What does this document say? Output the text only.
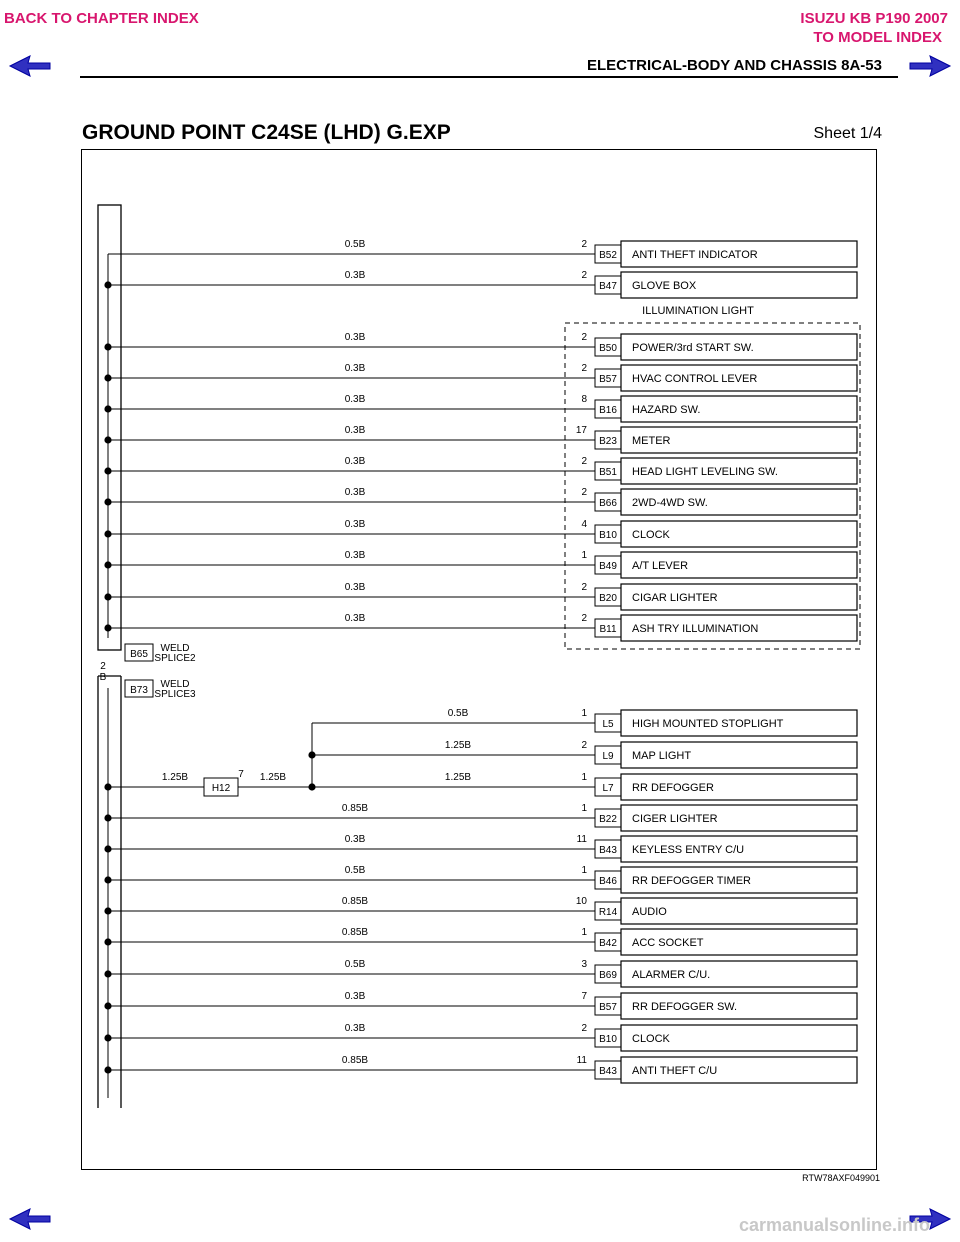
BACK TO CHAPTER INDEX	ISUZU KB P190 2007
TO MODEL INDEX
ELECTRICAL-BODY AND CHASSIS 8A-53
GROUND POINT C24SE (LHD) G.EXP	Sheet 1/4
B65
WELD
SPLICE2
B73
WELD
SPLICE3
2
B
ILLUMINATION LIGHT
0.5B	2
B52 ANTI THEFT INDICATOR
0.3B	2
B47 GLOVE BOX
0.3B	2
B50 POWER/3rd START SW.
0.3B	2
B57 HVAC CONTROL LEVER
0.3B	8
B16 HAZARD SW.
0.3B	17
B23 METER
0.3B	2
B51 HEAD LIGHT LEVELING SW.
0.3B	2
B66 2WD-4WD SW.
0.3B	4
B10 CLOCK
0.3B	1
B49 A/T LEVER
0.3B	2
B20 CIGAR LIGHTER
0.3B	2
B11 ASH TRY ILLUMINATION
1.25B
H12
7 1.25B
0.5B	1
L5 HIGH MOUNTED STOPLIGHT
1.25B	2
L9 MAP LIGHT
1.25B	1
L7 RR DEFOGGER
0.85B	1
B22 CIGER LIGHTER
0.3B	11
B43 KEYLESS ENTRY C/U
0.5B	1
B46 RR DEFOGGER TIMER
0.85B	10
R14 AUDIO
0.85B	1
B42 ACC SOCKET
0.5B	3
B69 ALARMER C/U.
0.3B	7
B57 RR DEFOGGER SW.
0.3B	2
B10 CLOCK
0.85B	11
B43 ANTI THEFT C/U
RTW78AXF049901
carmanualsonline.info
